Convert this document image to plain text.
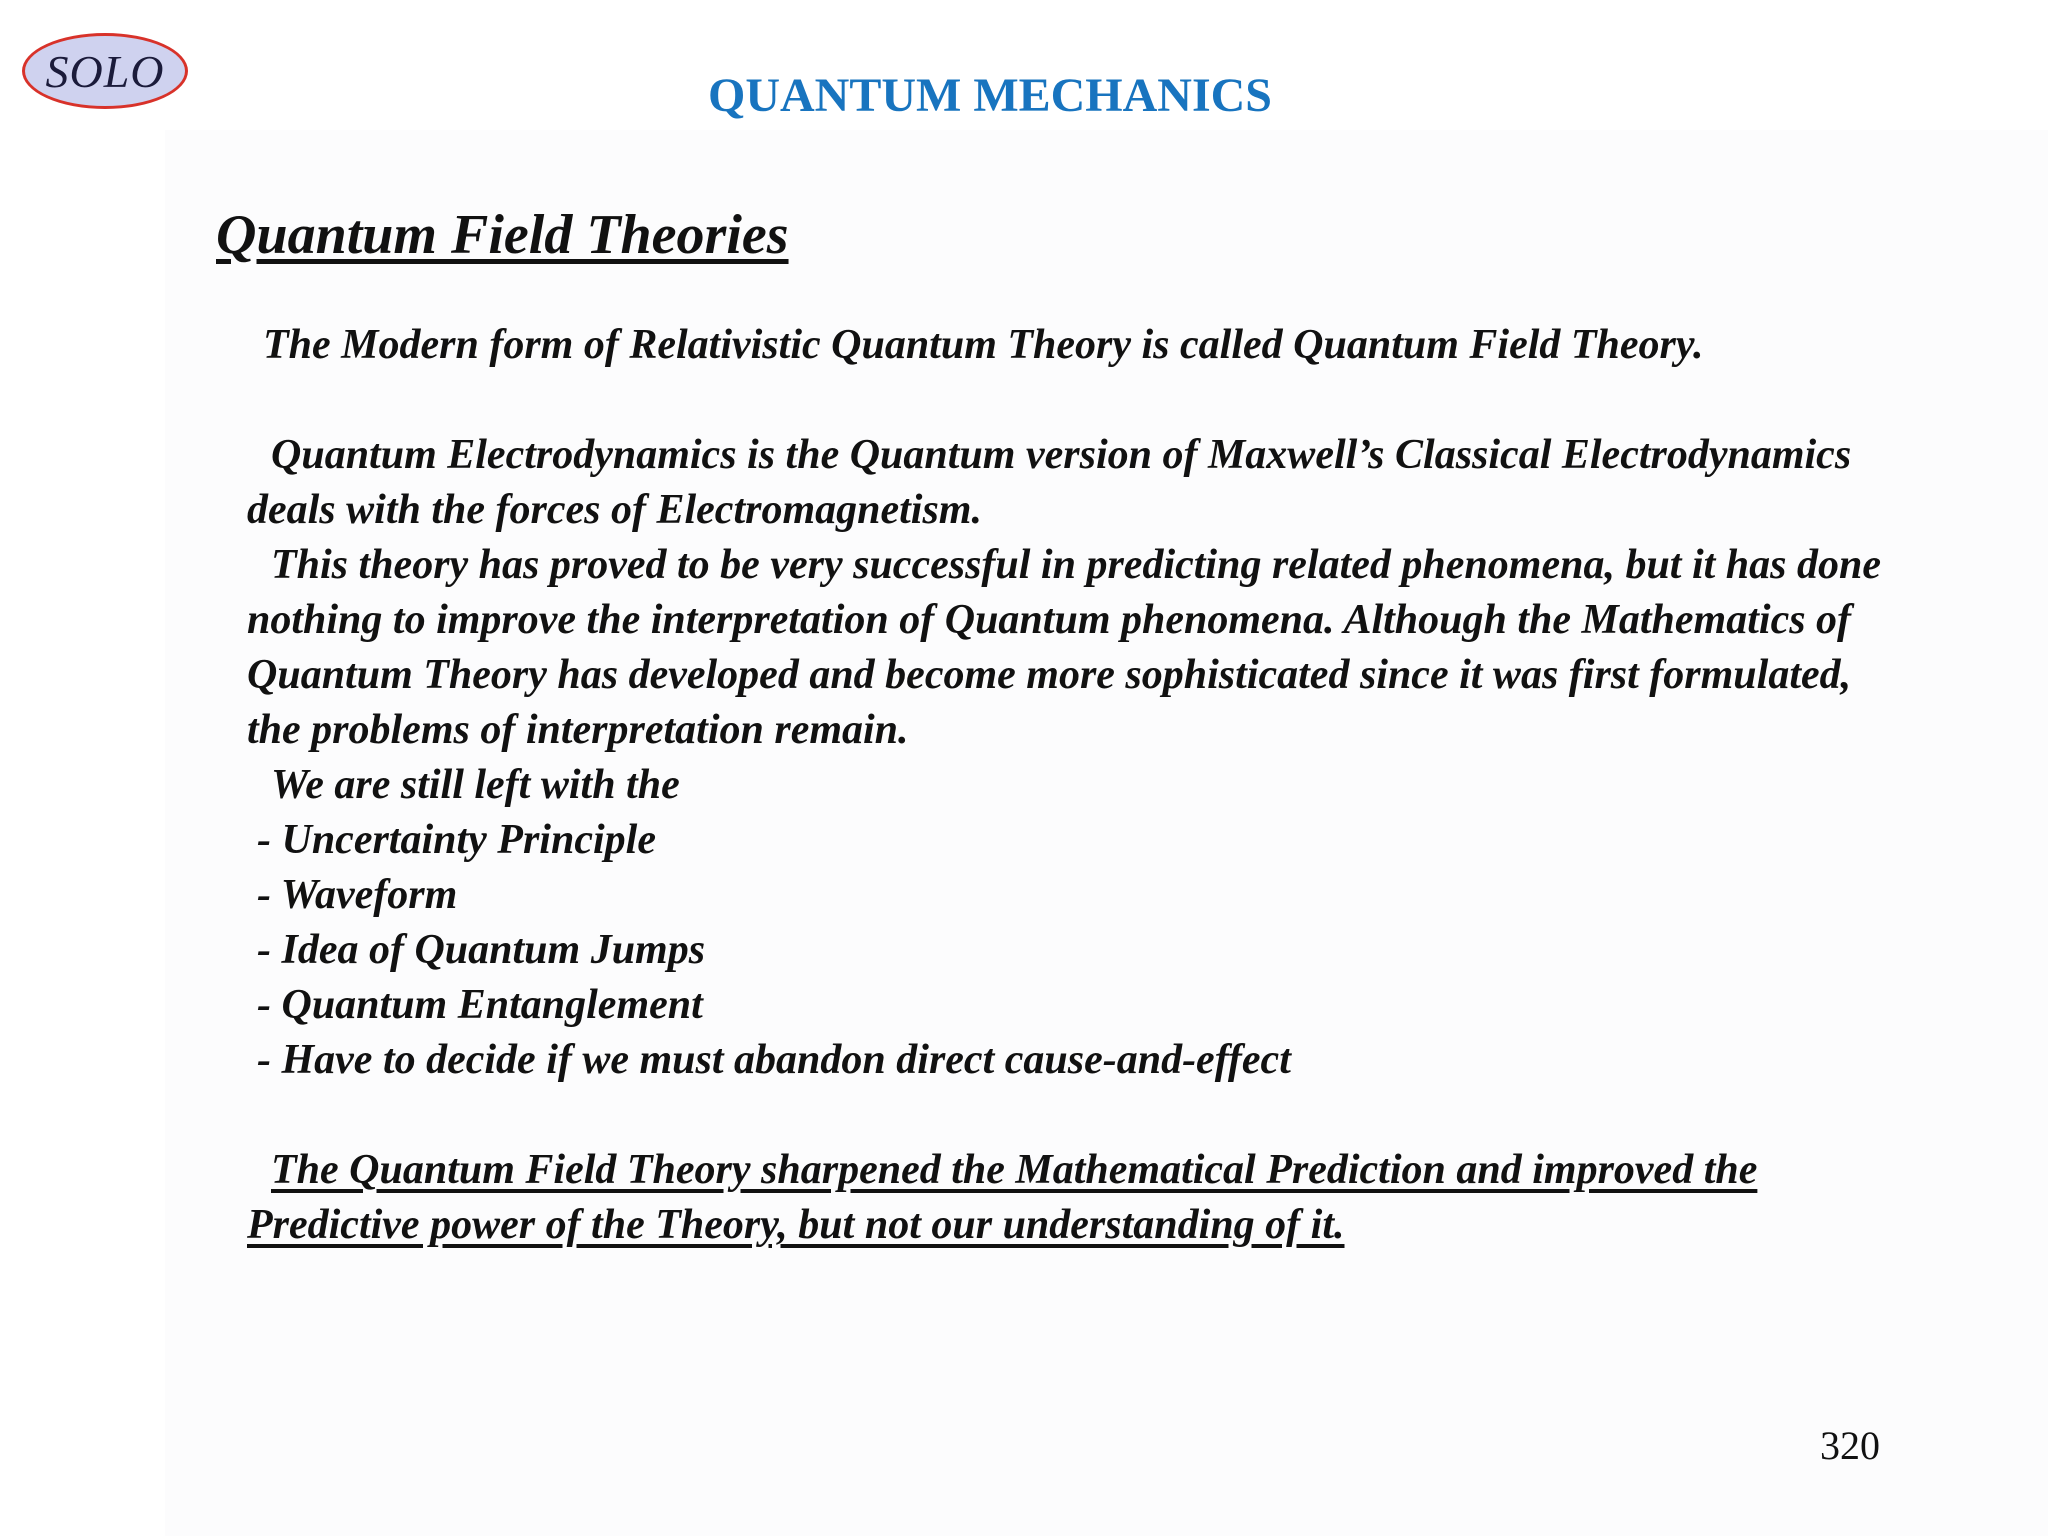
SOLO	QUANTUM MECHANICS
Quantum Field Theories
The Modern form of Relativistic Quantum Theory is called Quantum Field Theory.
Quantum Electrodynamics is the Quantum version of Maxwell’s Classical Electrodynamics
deals with the forces of Electromagnetism.
This theory has proved to be very successful in predicting related phenomena, but it has done
nothing to improve the interpretation of Quantum phenomena. Although the Mathematics of
Quantum Theory has developed and become more sophisticated since it was first formulated,
the problems of interpretation remain.
We are still left with the
- Uncertainty Principle
- Waveform
- Idea of Quantum Jumps
- Quantum Entanglement
- Have to decide if we must abandon direct cause-and-effect
The Quantum Field Theory sharpened the Mathematical Prediction and improved the
Predictive power of the Theory, but not our understanding of it.
320
